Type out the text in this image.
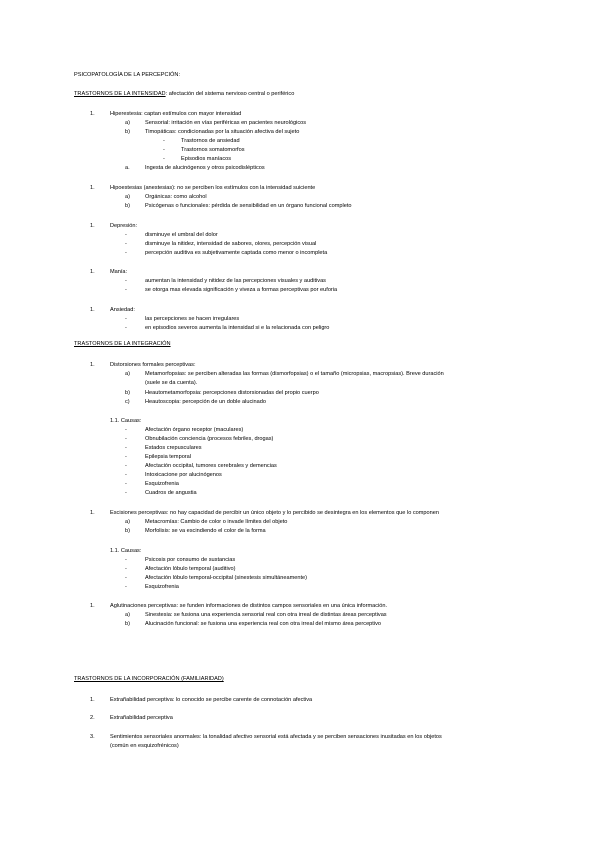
PSICOPATOLOGÍA DE LA PERCEPCIÓN:
TRASTORNOS DE LA INTENSIDAD: afectación del sistema nervioso central o periférico
1.	Hiperestesia: captan estímulos con mayor intensidad
a)	Sensorial: irritación en vías periféricas en pacientes neurológicos
b)	Timopáticas: condicionadas por la situación afectiva del sujeto
-	Trastornos de ansiedad
-	Trastornos somatomorfos
-	Episodios maníacos
a.	Ingesta de alucinógenos y otros psicodislépticos
1.	Hipoestesias (anestesias): no se perciben los estímulos con la intensidad suiciente
a)	Orgánicas: como alcohol
b)	Psicógenas o funcionales: pérdida de sensibilidad en un órgano funcional completo
1.	Depresión:
-	disminuye el umbral del dolor
-	disminuye la nitidez, intensidad de sabores, olores, percepción visual
-	percepción auditiva es subjetivamente captada como menor o incompleta
1.	Manía:
-	aumentan la intensidad y nitidez de las percepciones visuales y auditivas
-	se otorga mas elevada significación y viveza a formas perceptivas por euforia
1.	Ansiedad:
-	las percepciones se hacen irregulares
-	en episodios severos aumenta la intensidad si e la relacionada con peligro
TRASTORNOS DE LA INTEGRACIÓN
1.	Distorsiones formales perceptivas:
a)	Metamorfopsias: se perciben alteradas las formas (dismorfopsias) o el tamaño (micropsias, macropsias). Breve duración
(suele se da cuenta).
b)	Heautometamorfopsia: percepciones distorsionadas del propio cuerpo
c)	Heautoscopia: percepción de un doble alucinado
1.1. Causas:
-	Afectación órgano receptor (maculares)
-	Obnubilación conciencia (procesos febriles, drogas)
-	Estados crepusculares
-	Epilepsia temporal
-	Afectación occipital, tumores cerebrales y demencias
-	Intoxicacione por alucinógenos
-	Esquizofrenia
-	Cuadros de angustia
1.	Escisiones perceptivas: no hay capacidad de percibir un único objeto y lo percibido se desintegra en los elementos que lo componen
a)	Metacromías: Cambio de color o invade límites del objeto
b)	Morfolisis: se va escindiendo el color de la forma
1.1. Causas:
-	Psicosis por consumo de sustancias
-	Afectación lóbulo temporal (auditivo)
-	Afectación lóbulo temporal-occipital (sinestesis simultáneamente)
-	Esquizofrenia
1.	Aglutinaciones perceptivas: se funden informaciones de distintos campos sensoriales en una única información.
a)	Sinestesia: se fusiona una experiencia sensorial real con otra irreal de distintas áreas perceptivas
b)	Alucinación funcional: se fusiona una experiencia real con otra irreal del mismo área perceptivo
TRASTORNOS DE LA INCORPORACIÓN (FAMILIARIDAD)
1.	Extrañabilidad perceptiva: lo conocido se percibe carente de connotación afectiva
2.	Extrañabilidad perceptiva
3.	Sentimientos sensoriales anormales: la tonalidad afectivo sensorial está afectada y se perciben sensaciones inusitadas en los objetos
(común en esquizofrénicos)
